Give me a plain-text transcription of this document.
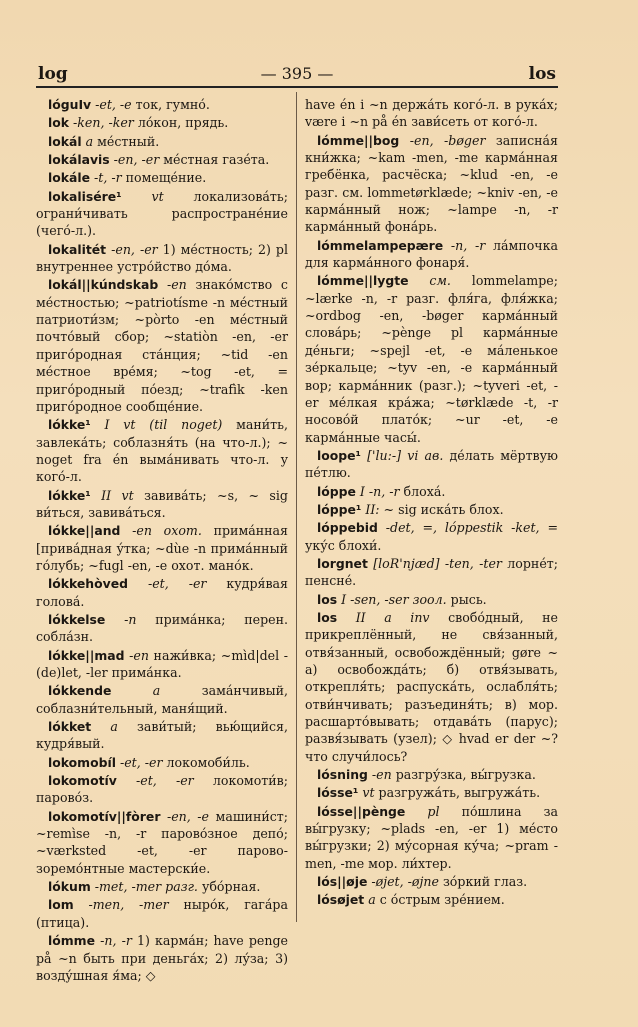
log	— 395 —	los
lóguIv -et, -e ток, гумно́.
lok -ken, -ker ло́кон, прядь.
lokál a ме́стный.
lokálavis -en, -er ме́стная газе́та.
lokále -t, -r помеще́ние.
lokalisére¹ vt локализова́ть; ограни́чивать распростране́ние (чего́-л.).
lokalitét -en, -er 1) ме́стность; 2) pl внутреннее устро́йство до́ма.
lokál||kúndskab -en знако́мство с ме́стностью; ~patriotísme -n ме́стный патриоти́зм; ~pòrto -en ме́стный почто́вый сбор; ~statiòn -en, -er приго́родная ста́нция; ~tid -en ме́стное вре́мя; ~tog -et, = приго́родный по́езд; ~trafìk -ken приго́родное сообще́ние.
lókke¹ I vt (til noget) мани́ть, завлека́ть; соблазня́ть (на что-л.); ~ noget fra én выма́нивать что-л. у кого́-л.
lókke¹ II vt завива́ть; ~s, ~ sig ви́ться, завива́ться.
lókke||and -en охот. прима́нная [прива́дная у́тка; ~dùe -n прима́нный го́лубь; ~fugl -en, -e охот. мано́к.
lókkehòved -et, -er кудря́вая голова́.
lókkelse -n прима́нка; перен. собла́зн.
lókke||mad -en нажи́вка; ~mìd|del -(de)let, -ler прима́нка.
lókkende a зама́нчивый, соблазни́тельный, маня́щий.
lókket a зави́тый; вью́щийся, кудря́вый.
lokomobíl -et, -er локомоби́ль.
lokomotív -et, -er локомоти́в; парово́з.
lokomotív||fòrer -en, -e машини́ст; ~remìse -n, -r парово́зное депо́; ~værksted -et, -er паровозоремо́нтные мастерски́е.
lókum -met, -mer разг. убо́рная.
lom -men, -mer ныро́к, гага́ра (птица).
lómme -n, -r 1) карма́н; have penge på ~n быть при деньга́х; 2) лу́за; 3) возду́шная я́ма; ◇
have én i ~n держа́ть кого́-л. в рука́х; være i ~n på én зави́сеть от кого́-л.
lómme||bog -en, -bøger записна́я кни́жка; ~kam -men, -me карма́нная гребёнка, расчёска; ~klud -en, -e разг. см. lommetørklæde; ~kniv -en, -e карма́нный нож; ~lampe -n, -r карма́нный фона́рь.
lómmelampepære -n, -r ла́мпочка для карма́нного фонаря́.
lómme||lygte см. lommelampe; ~lærke -n, -r разг. фля́га, фля́жка; ~ordbog -en, -bøger карма́нный слова́рь; ~pènge pl карма́нные де́ньги; ~spejl -et, -e ма́ленькое зе́ркальце; ~tyv -en, -e карма́нный вор; карма́нник (разг.); ~tyveri -et, -er ме́лкая кра́жа; ~tørklæde -t, -r носово́й плато́к; ~ur -et, -e карма́нные часы́.
loope¹ ['lu:-] vi ав. де́лать мёртвую пе́тлю.
lóppe I -n, -r блоха́.
lóppe¹ II: ~ sig иска́ть блох.
lóppebid -det, =, lóppestik -ket, = уку́с блохи́.
lorgnet [loR'njæd] -ten, -ter лорне́т; пенсне́.
los I -sen, -ser зоол. рысь.
los II a inv свобо́дный, не прикреплённый, не свя́занный, отвя́занный, освобождённый; gøre ~ а) освобожда́ть; б) отвя́зывать, открепля́ть; распуска́ть, ослабля́ть; отви́нчивать; разъединя́ть; в) мор. расшарто́вывать; отдава́ть (парус); развя́зывать (узел); ◇ hvad er der ~? что случи́лось?
lósning -en разгру́зка, вы́грузка.
lósse¹ vt разгружа́ть, выгружа́ть.
lósse||pènge pl по́шлина за вы́грузку; ~plads -en, -er 1) ме́сто вы́грузки; 2) му́сорная ку́ча; ~pram -men, -me мор. ли́хтер.
lós||øje -øjet, -øjne зо́ркий глаз.
lósøjet a с о́стрым зре́нием.
